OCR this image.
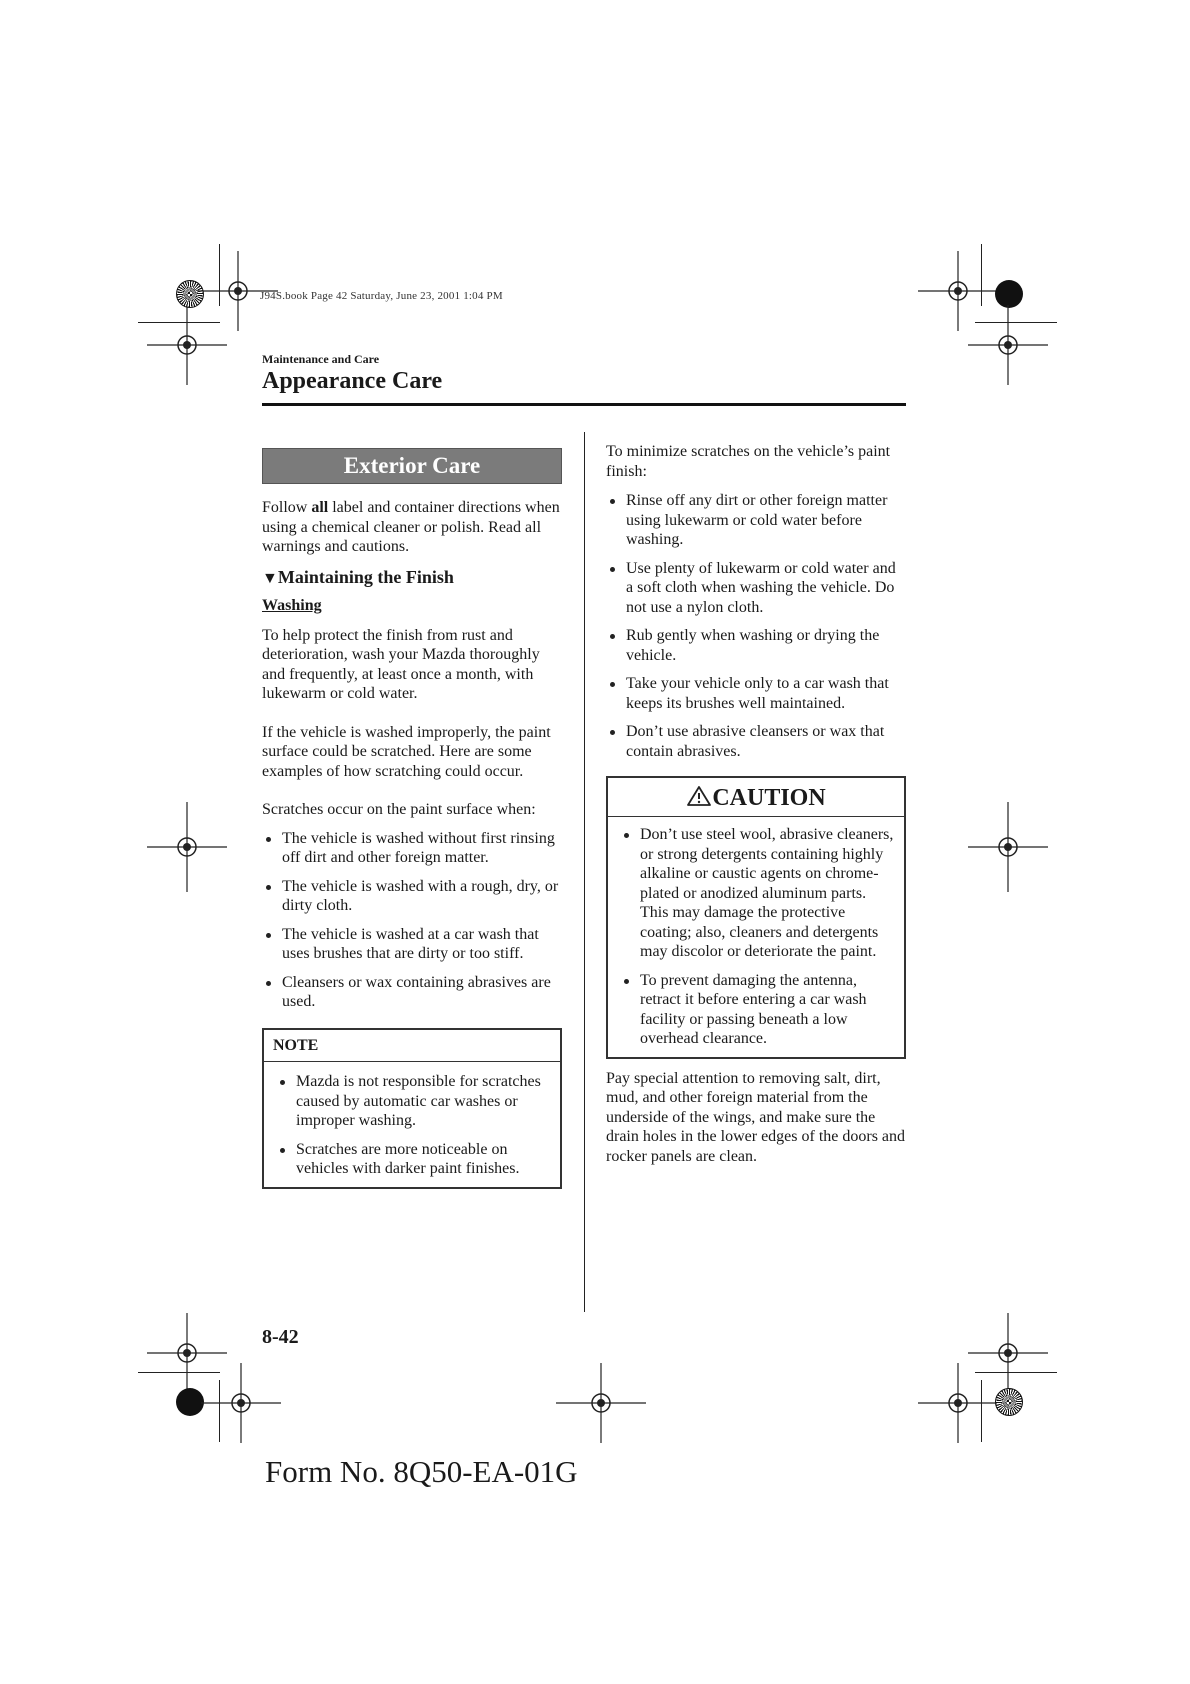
J94S.book Page 42 Saturday, June 23, 2001 1:04 PM
Maintenance and Care
Appearance Care
Exterior Care

Follow all label and container directions when using a chemical cleaner or polish. Read all warnings and cautions.

▼Maintaining the Finish
Washing

To help protect the finish from rust and deterioration, wash your Mazda thoroughly and frequently, at least once a month, with lukewarm or cold water.

If the vehicle is washed improperly, the paint surface could be scratched. Here are some examples of how scratching could occur.

Scratches occur on the paint surface when:

The vehicle is washed without first rinsing off dirt and other foreign matter.
The vehicle is washed with a rough, dry, or dirty cloth.
The vehicle is washed at a car wash that uses brushes that are dirty or too stiff.
Cleansers or wax containing abrasives are used.
NOTE
Mazda is not responsible for scratches caused by automatic car washes or improper washing.
Scratches are more noticeable on vehicles with darker paint finishes.

To minimize scratches on the vehicle’s paint finish:

Rinse off any dirt or other foreign matter using lukewarm or cold water before washing.
Use plenty of lukewarm or cold water and a soft cloth when washing the vehicle. Do not use a nylon cloth.
Rub gently when washing or drying the vehicle.
Take your vehicle only to a car wash that keeps its brushes well maintained.
Don’t use abrasive cleansers or wax that contain abrasives.
CAUTION
Don’t use steel wool, abrasive cleaners, or strong detergents containing highly alkaline or caustic agents on chrome-plated or anodized aluminum parts. This may damage the protective coating; also, cleaners and detergents may discolor or deteriorate the paint.
To prevent damaging the antenna, retract it before entering a car wash facility or passing beneath a low overhead clearance.

Pay special attention to removing salt, dirt, mud, and other foreign material from the underside of the wings, and make sure the drain holes in the lower edges of the doors and rocker panels are clean.

8-42
Form No. 8Q50-EA-01G
